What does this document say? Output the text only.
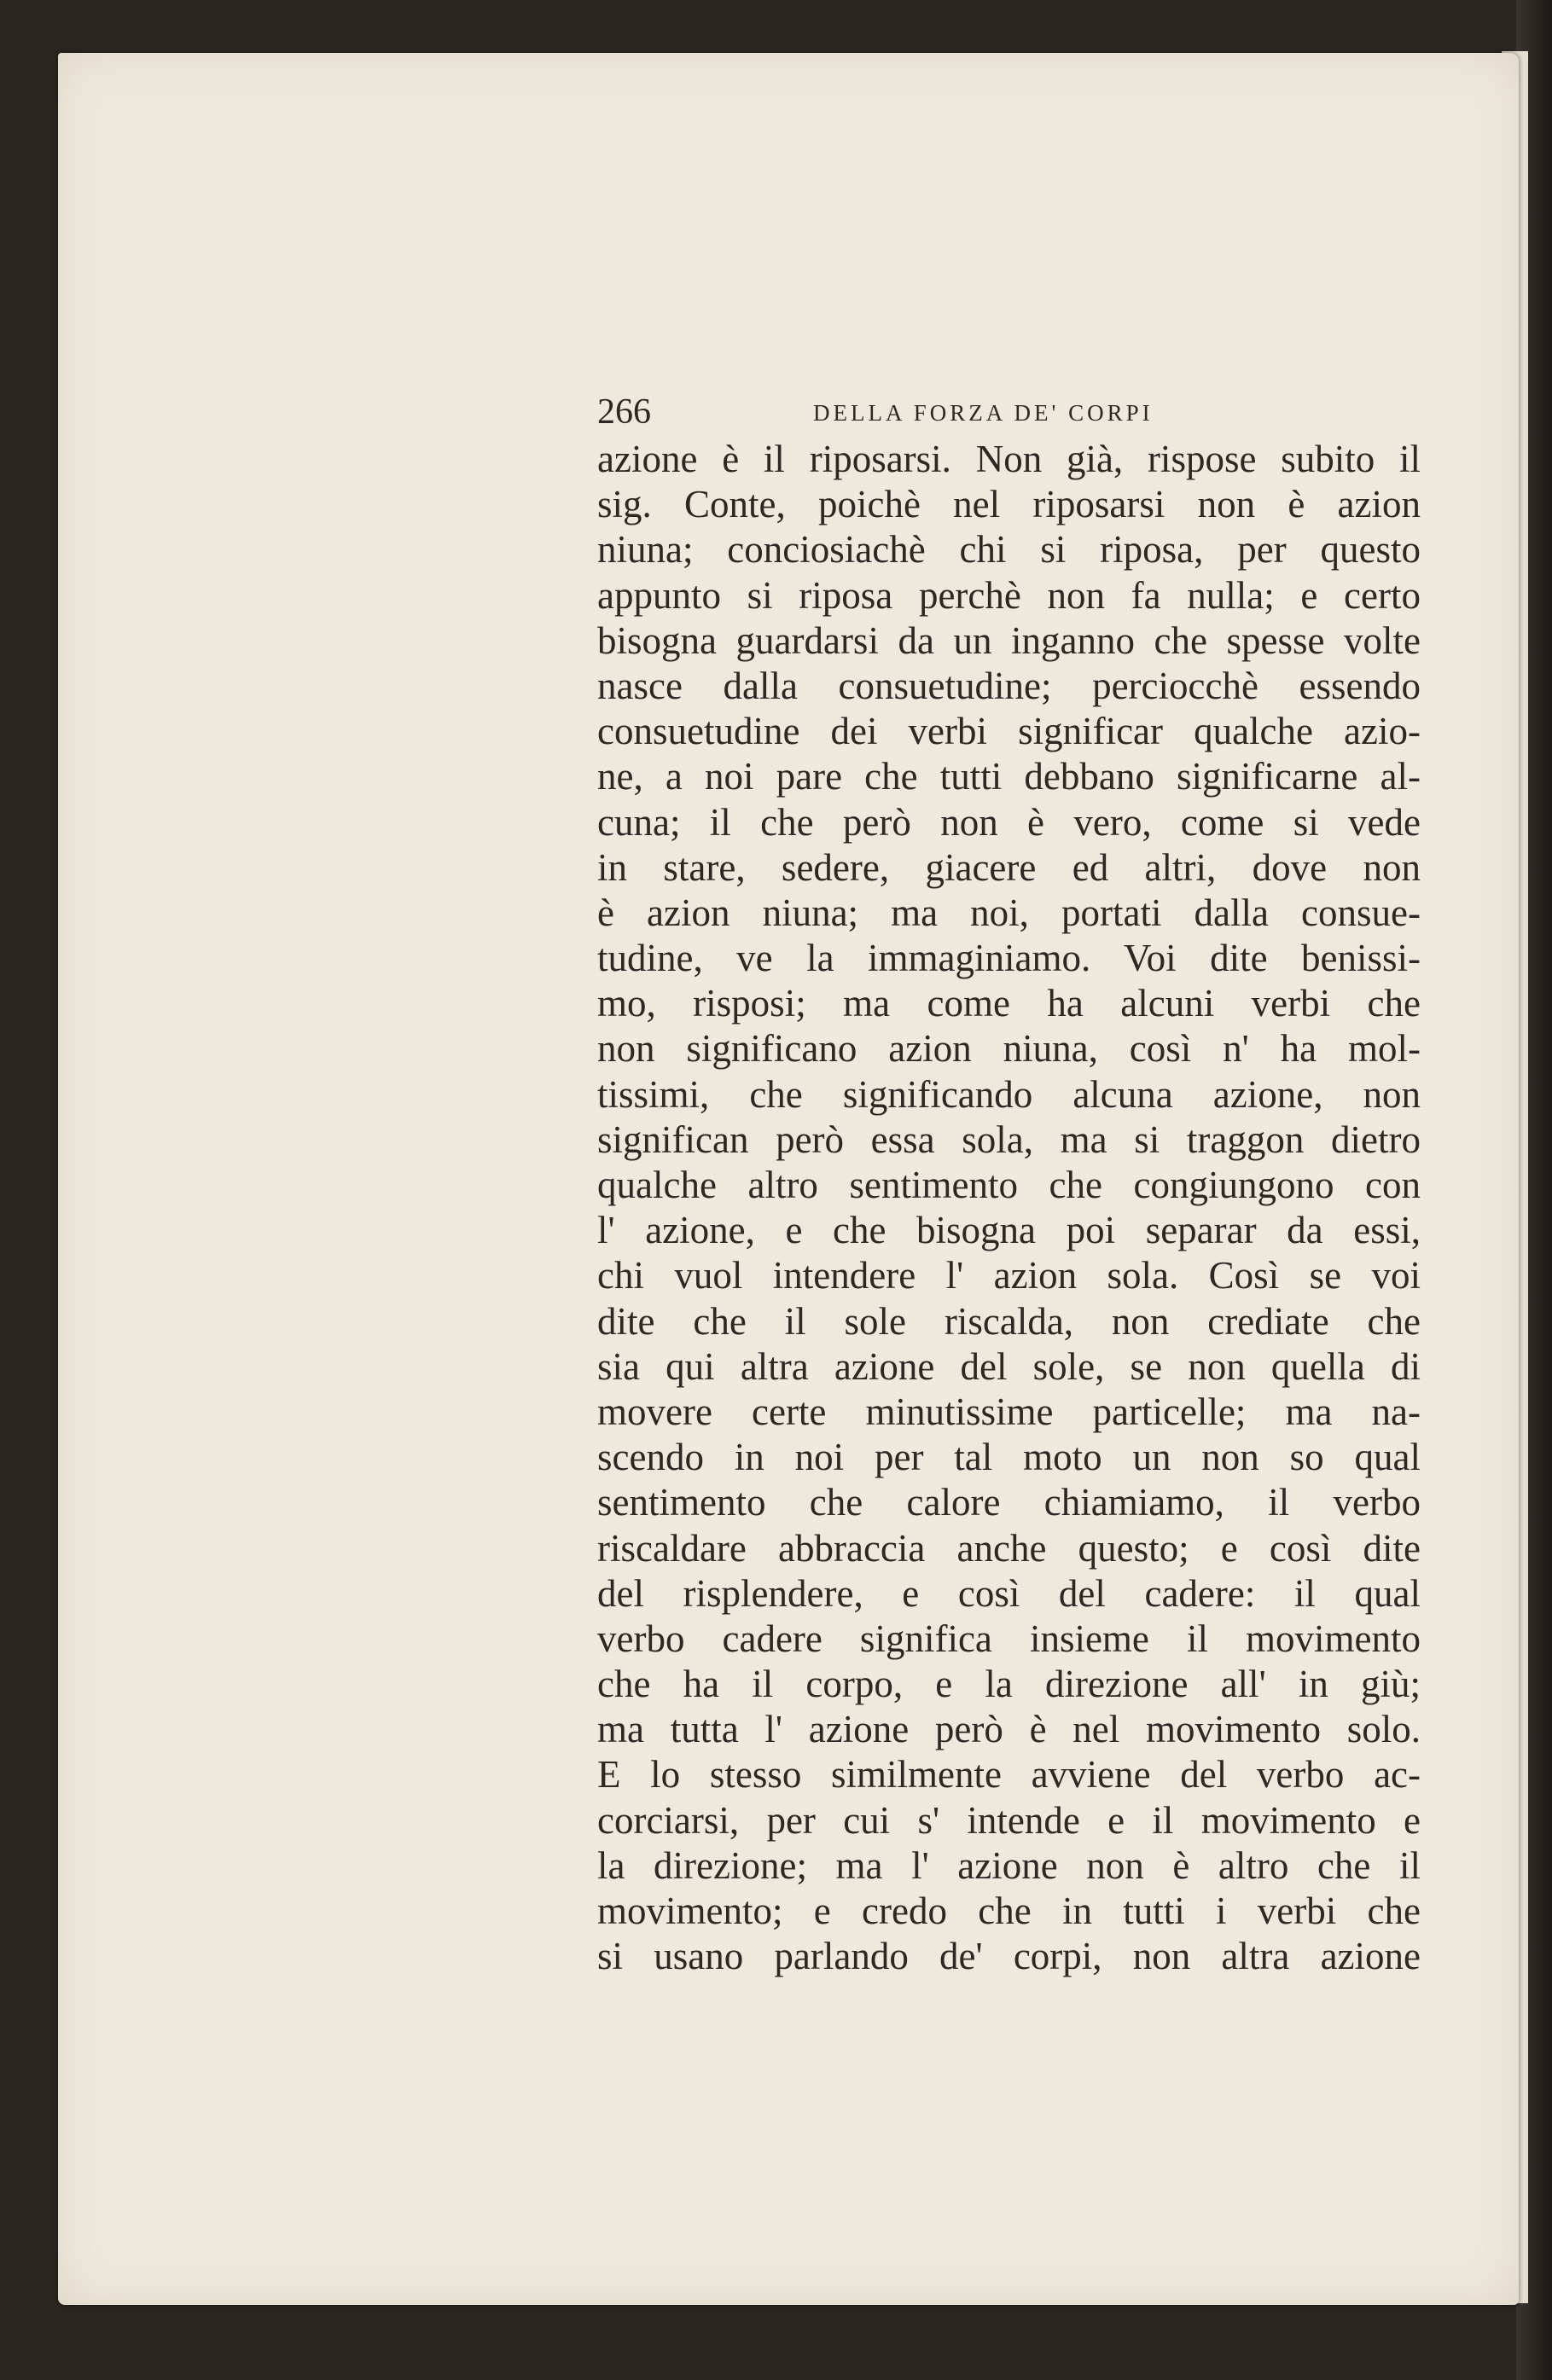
266	DELLA FORZA DE' CORPI
azione è il riposarsi. Non già, rispose subito il
sig. Conte, poichè nel riposarsi non è azion
niuna; conciosiachè chi si riposa, per questo
appunto si riposa perchè non fa nulla; e certo
bisogna guardarsi da un inganno che spesse volte
nasce dalla consuetudine; perciocchè essendo
consuetudine dei verbi significar qualche azio-
ne, a noi pare che tutti debbano significarne al-
cuna; il che però non è vero, come si vede
in stare, sedere, giacere ed altri, dove non
è azion niuna; ma noi, portati dalla consue-
tudine, ve la immaginiamo. Voi dite benissi-
mo, risposi; ma come ha alcuni verbi che
non significano azion niuna, così n' ha mol-
tissimi, che significando alcuna azione, non
significan però essa sola, ma si traggon dietro
qualche altro sentimento che congiungono con
l' azione, e che bisogna poi separar da essi,
chi vuol intendere l' azion sola. Così se voi
dite che il sole riscalda, non crediate che
sia qui altra azione del sole, se non quella di
movere certe minutissime particelle; ma na-
scendo in noi per tal moto un non so qual
sentimento che calore chiamiamo, il verbo
riscaldare abbraccia anche questo; e così dite
del risplendere, e così del cadere: il qual
verbo cadere significa insieme il movimento
che ha il corpo, e la direzione all' in giù;
ma tutta l' azione però è nel movimento solo.
E lo stesso similmente avviene del verbo ac-
corciarsi, per cui s' intende e il movimento e
la direzione; ma l' azione non è altro che il
movimento; e credo che in tutti i verbi che
si usano parlando de' corpi, non altra azione
